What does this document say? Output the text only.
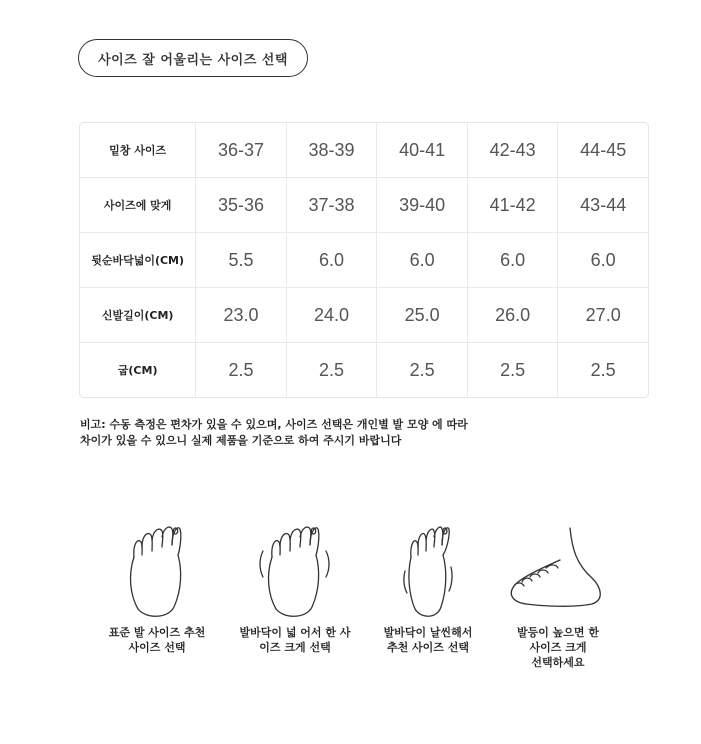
사이즈 잘 어울리는 사이즈 선택
밑창 사이즈	36-37	38-39	40-41	42-43	44-45
사이즈에 맞게	35-36	37-38	39-40	41-42	43-44
뒷순바닥넓이(CM)	5.5	6.0	6.0	6.0	6.0
신발길이(CM)	23.0	24.0	25.0	26.0	27.0
굽(CM)	2.5	2.5	2.5	2.5	2.5

비고: 수동 측정은 편차가 있을 수 있으며, 사이즈 선택은 개인별 발 모양 에 따라

차이가 있을 수 있으니 실제 제품을 기준으로 하여 주시기 바랍니다

표준 발 사이즈 추천
사이즈 선택
발바닥이 넓 어서 한 사
이즈 크게 선택
발바닥이 날씬해서
추천 사이즈 선택
발등이 높으면 한
사이즈 크게
선택하세요
